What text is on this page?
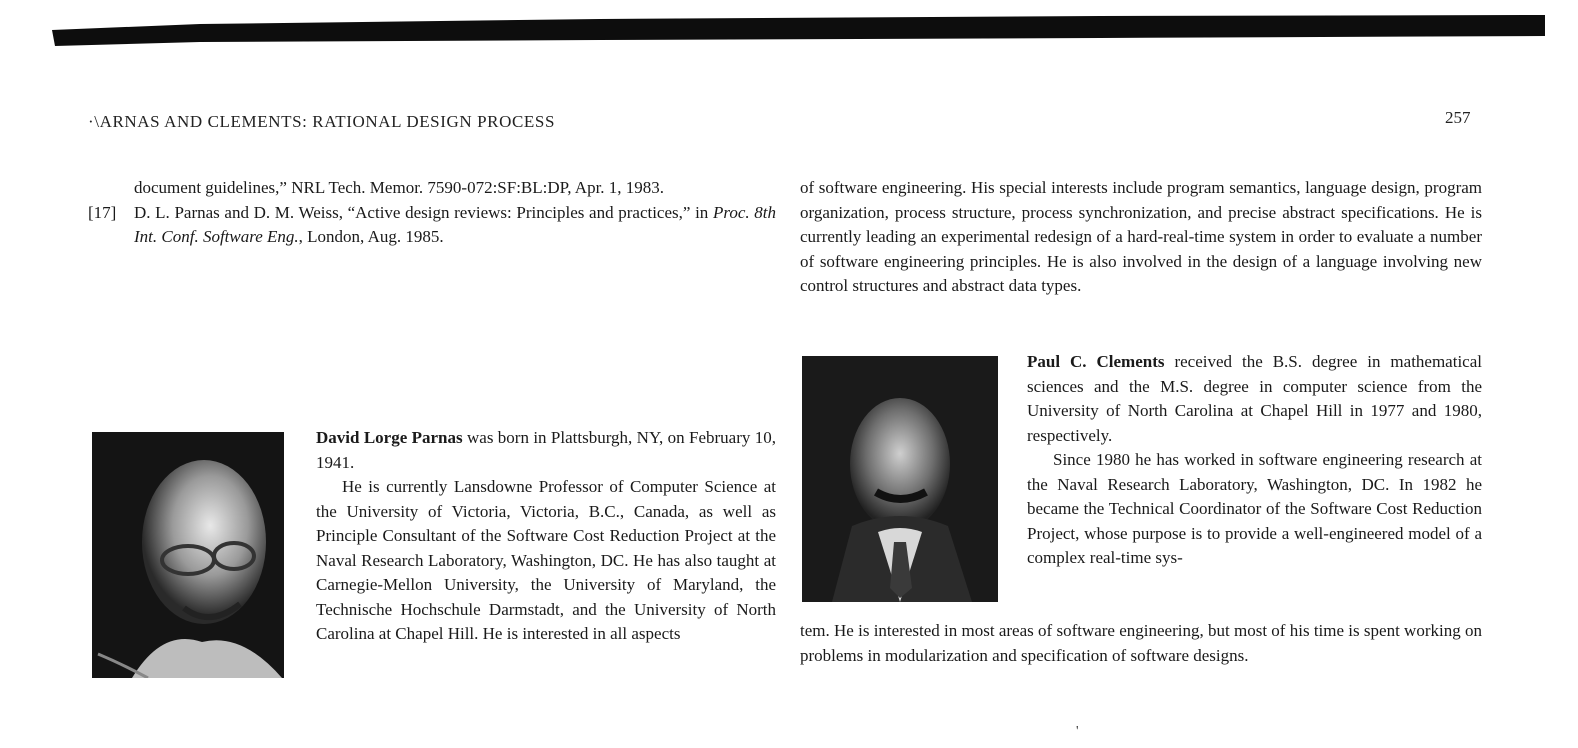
·\ARNAS AND CLEMENTS: RATIONAL DESIGN PROCESS	257
document guidelines,” NRL Tech. Memor. 7590-072:SF:BL:DP, Apr. 1, 1983.
[17] D. L. Parnas and D. M. Weiss, “Active design reviews: Principles and practices,” in Proc. 8th Int. Conf. Software Eng., London, Aug. 1985.

of software engineering. His special interests include program semantics, language design, program organization, process structure, process synchronization, and precise abstract specifications. He is currently leading an experimental redesign of a hard-real-time system in order to evaluate a number of software engineering principles. He is also involved in the design of a language involving new control structures and abstract data types.

David Lorge Parnas was born in Plattsburgh, NY, on February 10, 1941.

He is currently Lansdowne Professor of Computer Science at the University of Victoria, Victoria, B.C., Canada, as well as Principle Consultant of the Software Cost Reduction Project at the Naval Research Laboratory, Washington, DC. He has also taught at Carnegie-Mellon University, the University of Maryland, the Technische Hochschule Darmstadt, and the University of North Carolina at Chapel Hill. He is interested in all aspects

Paul C. Clements received the B.S. degree in mathematical sciences and the M.S. degree in computer science from the University of North Carolina at Chapel Hill in 1977 and 1980, respectively.

Since 1980 he has worked in software engineering research at the Naval Research Laboratory, Washington, DC. In 1982 he became the Technical Coordinator of the Software Cost Reduction Project, whose purpose is to provide a well-engineered model of a complex real-time sys-

tem. He is interested in most areas of software engineering, but most of his time is spent working on problems in modularization and specification of software designs.

'
